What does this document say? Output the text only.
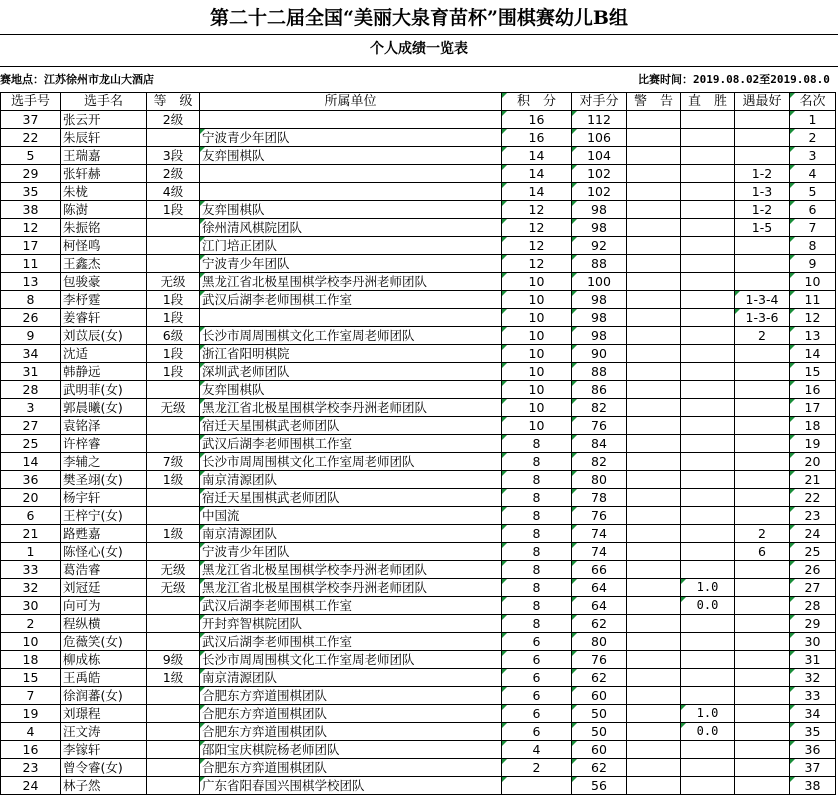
第二十二届全国“美丽大泉育苗杯”围棋赛幼儿B组
个人成绩一览表
赛地点：江苏徐州市龙山大酒店	比赛时间：2019.08.02至2019.08.0
选手号	选手名	等　级	所属单位	积　分	对手分	警　告	直　胜	遇最好	名次
37	张云开	2级		16	112				1
22	朱辰轩		宁波青少年团队	16	106				2
5	王瑞嘉	3段	友弈围棋队	14	104				3
29	张轩赫	2级		14	102			1-2	4
35	朱栊	4级		14	102			1-3	5
38	陈澍	1段	友弈围棋队	12	98			1-2	6
12	朱振铭		徐州清风棋院团队	12	98			1-5	7
17	柯怪鸣		江门培正团队	12	92				8
11	王鑫杰		宁波青少年团队	12	88				9
13	包骏豪	无级	黑龙江省北极星围棋学校李丹洲老师团队	10	100				10
8	李杼霆	1段	武汉后湖李老师围棋工作室	10	98			1-3-4	11
26	姜睿轩	1段		10	98			1-3-6	12
9	刘苡辰(女)	6级	长沙市周周围棋文化工作室周老师团队	10	98			2	13
34	沈适	1段	浙江省阳明棋院	10	90				14
31	韩静远	1段	深圳武老师团队	10	88				15
28	武明菲(女)		友弈围棋队	10	86				16
3	郭晨曦(女)	无级	黑龙江省北极星围棋学校李丹洲老师团队	10	82				17
27	袁铭泽		宿迁天星围棋武老师团队	10	76				18
25	许梓睿		武汉后湖李老师围棋工作室	8	84				19
14	李辅之	7级	长沙市周周围棋文化工作室周老师团队	8	82				20
36	樊圣翊(女)	1级	南京清源团队	8	80				21
20	杨宇轩		宿迁天星围棋武老师团队	8	78				22
6	王梓宁(女)		中国流	8	76				23
21	路甦嘉	1级	南京清源团队	8	74			2	24
1	陈怪心(女)		宁波青少年团队	8	74			6	25
33	葛浩睿	无级	黑龙江省北极星围棋学校李丹洲老师团队	8	66				26
32	刘冠廷	无级	黑龙江省北极星围棋学校李丹洲老师团队	8	64		1.0		27
30	向可为		武汉后湖李老师围棋工作室	8	64		0.0		28
2	程纵横		开封弈智棋院团队	8	62				29
10	危薇笑(女)		武汉后湖李老师围棋工作室	6	80				30
18	柳成栋	9级	长沙市周周围棋文化工作室周老师团队	6	76				31
15	王禹皓	1级	南京清源团队	6	62				32
7	徐润蕃(女)		合肥东方弈道围棋团队	6	60				33
19	刘璟程		合肥东方弈道围棋团队	6	50		1.0		34
4	汪文涛		合肥东方弈道围棋团队	6	50		0.0		35
16	李镓轩		邵阳宝庆棋院杨老师团队	4	60				36
23	曾令睿(女)		合肥东方弈道围棋团队	2	62				37
24	林子然		广东省阳春国兴围棋学校团队		56				38
